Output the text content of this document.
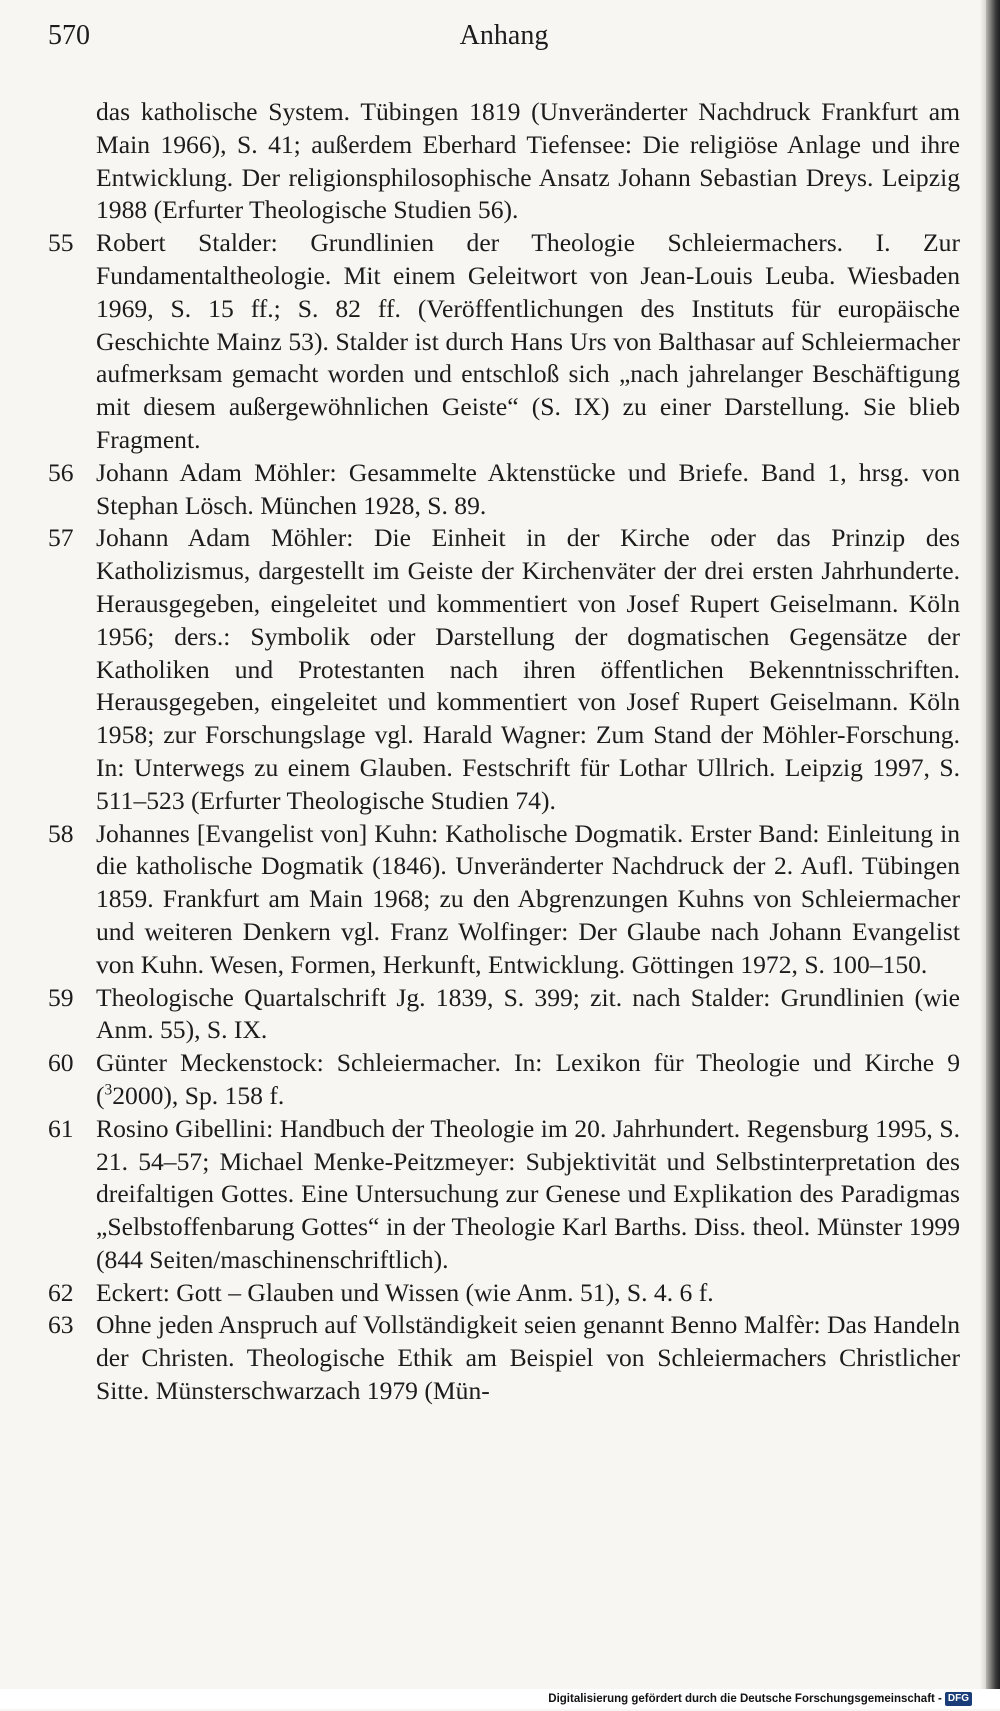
570	Anhang
das katholische System. Tübingen 1819 (Unveränderter Nachdruck Frankfurt am Main 1966), S. 41; außerdem Eberhard Tiefensee: Die religiöse Anlage und ihre Entwicklung. Der religionsphilosophische Ansatz Johann Sebastian Dreys. Leipzig 1988 (Erfurter Theologische Studien 56).
55 Robert Stalder: Grundlinien der Theologie Schleiermachers. I. Zur Fundamentaltheologie. Mit einem Geleitwort von Jean-Louis Leuba. Wiesbaden 1969, S. 15 ff.; S. 82 ff. (Veröffentlichungen des Instituts für europäische Geschichte Mainz 53). Stalder ist durch Hans Urs von Balthasar auf Schleiermacher aufmerksam gemacht worden und entschloß sich „nach jahrelanger Beschäftigung mit diesem außergewöhnlichen Geiste“ (S. IX) zu einer Darstellung. Sie blieb Fragment.
56 Johann Adam Möhler: Gesammelte Aktenstücke und Briefe. Band 1, hrsg. von Stephan Lösch. München 1928, S. 89.
57 Johann Adam Möhler: Die Einheit in der Kirche oder das Prinzip des Katholizismus, dargestellt im Geiste der Kirchenväter der drei ersten Jahrhunderte. Herausgegeben, eingeleitet und kommentiert von Josef Rupert Geiselmann. Köln 1956; ders.: Symbolik oder Darstellung der dogmatischen Gegensätze der Katholiken und Protestanten nach ihren öffentlichen Bekenntnisschriften. Herausgegeben, eingeleitet und kommentiert von Josef Rupert Geiselmann. Köln 1958; zur Forschungslage vgl. Harald Wagner: Zum Stand der Möhler-Forschung. In: Unterwegs zu einem Glauben. Festschrift für Lothar Ullrich. Leipzig 1997, S. 511–523 (Erfurter Theologische Studien 74).
58 Johannes [Evangelist von] Kuhn: Katholische Dogmatik. Erster Band: Einleitung in die katholische Dogmatik (1846). Unveränderter Nachdruck der 2. Aufl. Tübingen 1859. Frankfurt am Main 1968; zu den Abgrenzungen Kuhns von Schleiermacher und weiteren Denkern vgl. Franz Wolfinger: Der Glaube nach Johann Evangelist von Kuhn. Wesen, Formen, Herkunft, Entwicklung. Göttingen 1972, S. 100–150.
59 Theologische Quartalschrift Jg. 1839, S. 399; zit. nach Stalder: Grundlinien (wie Anm. 55), S. IX.
60 Günter Meckenstock: Schleiermacher. In: Lexikon für Theologie und Kirche 9 ($^3$2000), Sp. 158 f.
61 Rosino Gibellini: Handbuch der Theologie im 20. Jahrhundert. Regensburg 1995, S. 21. 54–57; Michael Menke-Peitzmeyer: Subjektivität und Selbstinterpretation des dreifaltigen Gottes. Eine Untersuchung zur Genese und Explikation des Paradigmas „Selbstoffenbarung Gottes“ in der Theologie Karl Barths. Diss. theol. Münster 1999 (844 Seiten/maschinenschriftlich).
62 Eckert: Gott – Glauben und Wissen (wie Anm. 51), S. 4. 6 f.
63 Ohne jeden Anspruch auf Vollständigkeit seien genannt Benno Malfèr: Das Handeln der Christen. Theologische Ethik am Beispiel von Schleiermachers Christlicher Sitte. Münsterschwarzach 1979 (Mün-
Digitalisierung gefördert durch die Deutsche Forschungsgemeinschaft - DFG
